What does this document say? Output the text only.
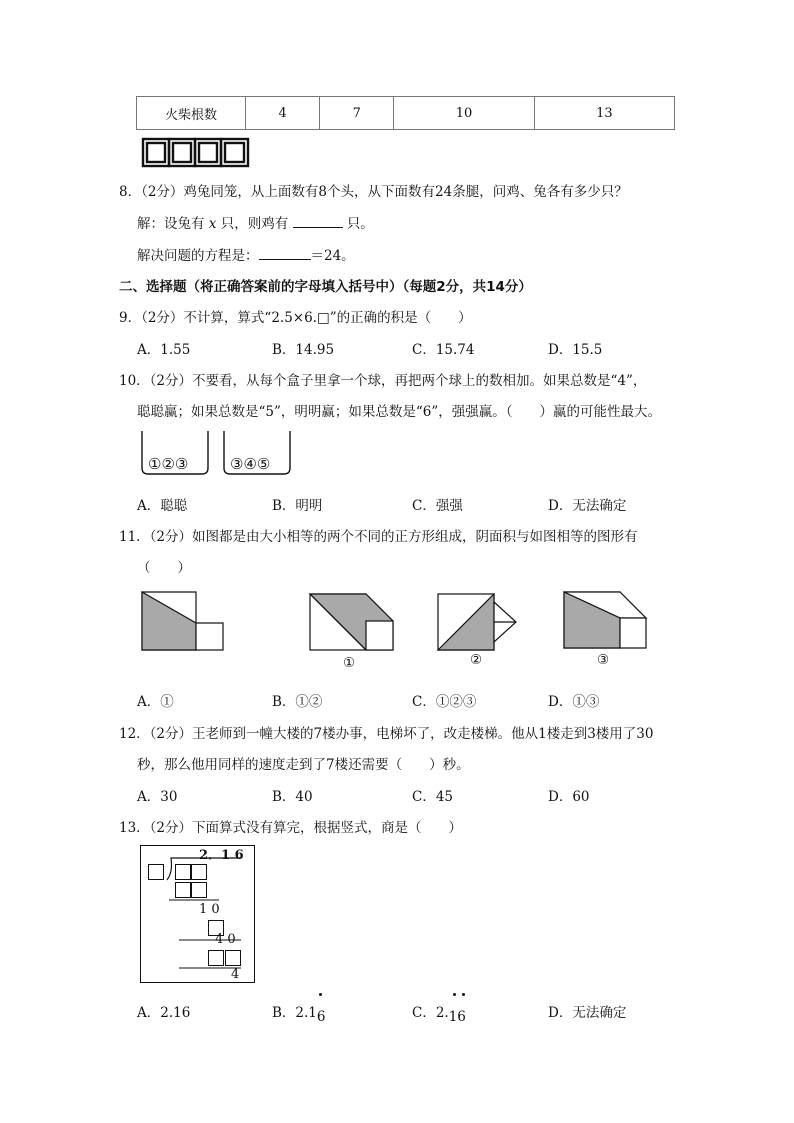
火柴根数	4	7	10	13
8．（2分）鸡兔同笼，从上面数有8个头，从下面数有24条腿，问鸡、兔各有多少只？
解：设兔有 x 只，则鸡有	只。
解决问题的方程是：	＝24。
二、选择题（将正确答案前的字母填入括号中）（每题2分，共14分）
9．（2分）不计算，算式“2.5×6.□”的正确的积是（　　）
A．1.55	B．14.95	C．15.74	D．15.5
10．（2分）不要看，从每个盒子里拿一个球，再把两个球上的数相加。如果总数是“4”，
聪聪赢；如果总数是“5”，明明赢；如果总数是“6”，强强赢。（　　）赢的可能性最大。
①②③	③④⑤
A．聪聪	B．明明	C．强强	D．无法确定
11．（2分）如图都是由大小相等的两个不同的正方形组成，阴面积与如图相等的图形有
（　　）
①	②	③
A．①	B．①②	C．①②③	D．①③
12．（2分）王老师到一幢大楼的7楼办事，电梯坏了，改走楼梯。他从1楼走到3楼用了30
秒，那么他用同样的速度走到了7楼还需要（　　）秒。
A．30	B．40	C．45	D．60
13．（2分）下面算式没有算完，根据竖式，商是（　　）
2．1 6
1 0
4 0
4
A．2.16	B．2.16	C．2.16	D．无法确定
